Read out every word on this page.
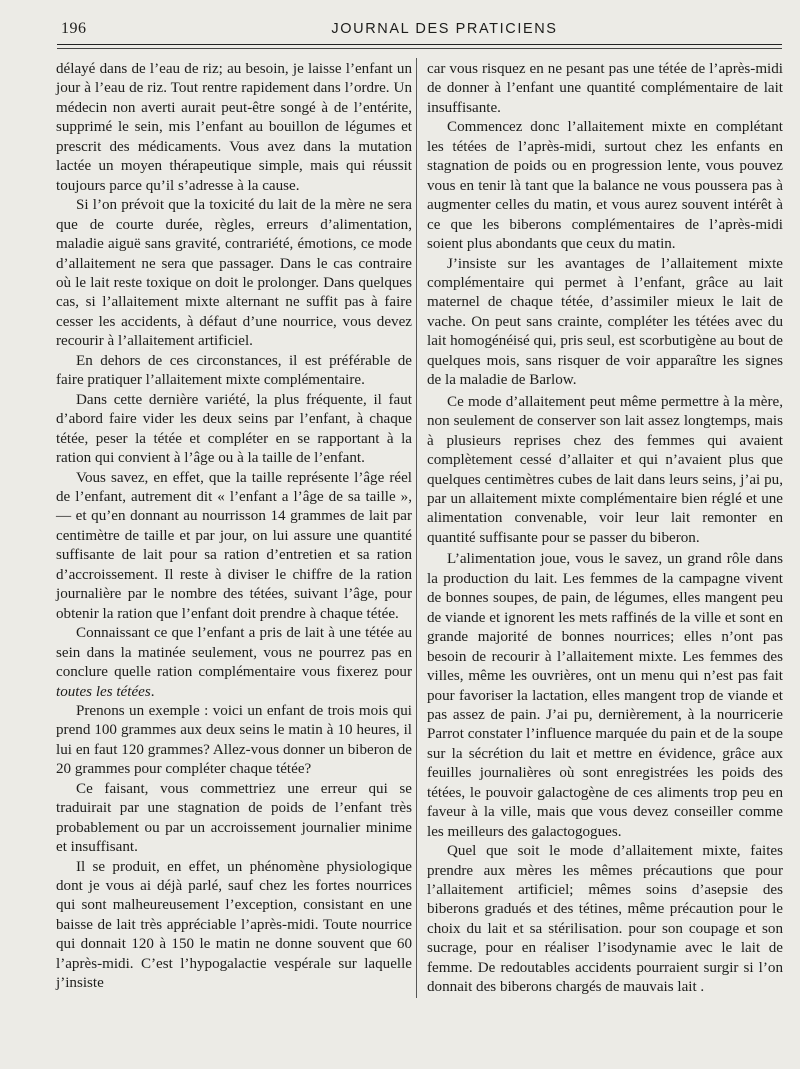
196	JOURNAL DES PRATICIENS

délayé dans de l’eau de riz; au besoin, je laisse l’enfant un jour à l’eau de riz. Tout rentre rapidement dans l’ordre. Un médecin non averti aurait peut-être songé à de l’entérite, supprimé le sein, mis l’enfant au bouillon de légumes et prescrit des médicaments. Vous avez dans la mutation lactée un moyen thérapeutique simple, mais qui réussit toujours parce qu’il s’adresse à la cause.

Si l’on prévoit que la toxicité du lait de la mère ne sera que de courte durée, règles, erreurs d’alimentation, maladie aiguë sans gravité, contrariété, émotions, ce mode d’allaitement ne sera que passager. Dans le cas contraire où le lait reste toxique on doit le prolonger. Dans quelques cas, si l’allaitement mixte alternant ne suffit pas à faire cesser les accidents, à défaut d’une nourrice, vous devez recourir à l’allaitement artificiel.

En dehors de ces circonstances, il est préférable de faire pratiquer l’allaitement mixte complémentaire.

Dans cette dernière variété, la plus fréquente, il faut d’abord faire vider les deux seins par l’enfant, à chaque tétée, peser la tétée et compléter en se rapportant à la ration qui convient à l’âge ou à la taille de l’enfant.

Vous savez, en effet, que la taille représente l’âge réel de l’enfant, autrement dit « l’enfant a l’âge de sa taille », — et qu’en donnant au nourrisson 14 grammes de lait par centimètre de taille et par jour, on lui assure une quantité suffisante de lait pour sa ration d’entretien et sa ration d’accroissement. Il reste à diviser le chiffre de la ration journalière par le nombre des tétées, suivant l’âge, pour obtenir la ration que l’enfant doit prendre à chaque tétée.

Connaissant ce que l’enfant a pris de lait à une tétée au sein dans la matinée seulement, vous ne pourrez pas en conclure quelle ration complémentaire vous fixerez pour toutes les tétées.

Prenons un exemple : voici un enfant de trois mois qui prend 100 grammes aux deux seins le matin à 10 heures, il lui en faut 120 grammes? Allez-vous donner un biberon de 20 grammes pour compléter chaque tétée?

Ce faisant, vous commettriez une erreur qui se traduirait par une stagnation de poids de l’enfant très probablement ou par un accroissement journalier minime et insuffisant.

Il se produit, en effet, un phénomène physiologique dont je vous ai déjà parlé, sauf chez les fortes nourrices qui sont malheureusement l’exception, consistant en une baisse de lait très appréciable l’après-midi. Toute nourrice qui donnait 120 à 150 le matin ne donne souvent que 60 l’après-midi. C’est l’hypogalactie vespérale sur laquelle j’insiste

car vous risquez en ne pesant pas une tétée de l’après-midi de donner à l’enfant une quantité complémentaire de lait insuffisante.

Commencez donc l’allaitement mixte en complétant les tétées de l’après-midi, surtout chez les enfants en stagnation de poids ou en progression lente, vous pouvez vous en tenir là tant que la balance ne vous poussera pas à augmenter celles du matin, et vous aurez souvent intérêt à ce que les biberons complémentaires de l’après-midi soient plus abondants que ceux du matin.

J’insiste sur les avantages de l’allaitement mixte complémentaire qui permet à l’enfant, grâce au lait maternel de chaque tétée, d’assimiler mieux le lait de vache. On peut sans crainte, compléter les tétées avec du lait homogénéisé qui, pris seul, est scorbutigène au bout de quelques mois, sans risquer de voir apparaître les signes de la maladie de Barlow.

Ce mode d’allaitement peut même permettre à la mère, non seulement de conserver son lait assez longtemps, mais à plusieurs reprises chez des femmes qui avaient complètement cessé d’allaiter et qui n’avaient plus que quelques centimètres cubes de lait dans leurs seins, j’ai pu, par un allaitement mixte complémentaire bien réglé et une alimentation convenable, voir leur lait remonter en quantité suffisante pour se passer du biberon.

L’alimentation joue, vous le savez, un grand rôle dans la production du lait. Les femmes de la campagne vivent de bonnes soupes, de pain, de légumes, elles mangent peu de viande et ignorent les mets raffinés de la ville et sont en grande majorité de bonnes nourrices; elles n’ont pas besoin de recourir à l’allaitement mixte. Les femmes des villes, même les ouvrières, ont un menu qui n’est pas fait pour favoriser la lactation, elles mangent trop de viande et pas assez de pain. J’ai pu, dernièrement, à la nourricerie Parrot constater l’influence marquée du pain et de la soupe sur la sécrétion du lait et mettre en évidence, grâce aux feuilles journalières où sont enregistrées les poids des tétées, le pouvoir galactogène de ces aliments trop peu en faveur à la ville, mais que vous devez conseiller comme les meilleurs des galactogogues.

Quel que soit le mode d’allaitement mixte, faites prendre aux mères les mêmes précautions que pour l’allaitement artificiel; mêmes soins d’asepsie des biberons gradués et des tétines, même précaution pour le choix du lait et sa stérilisation. pour son coupage et son sucrage, pour en réaliser l’isodynamie avec le lait de femme. De redoutables accidents pourraient surgir si l’on donnait des biberons chargés de mauvais lait .
